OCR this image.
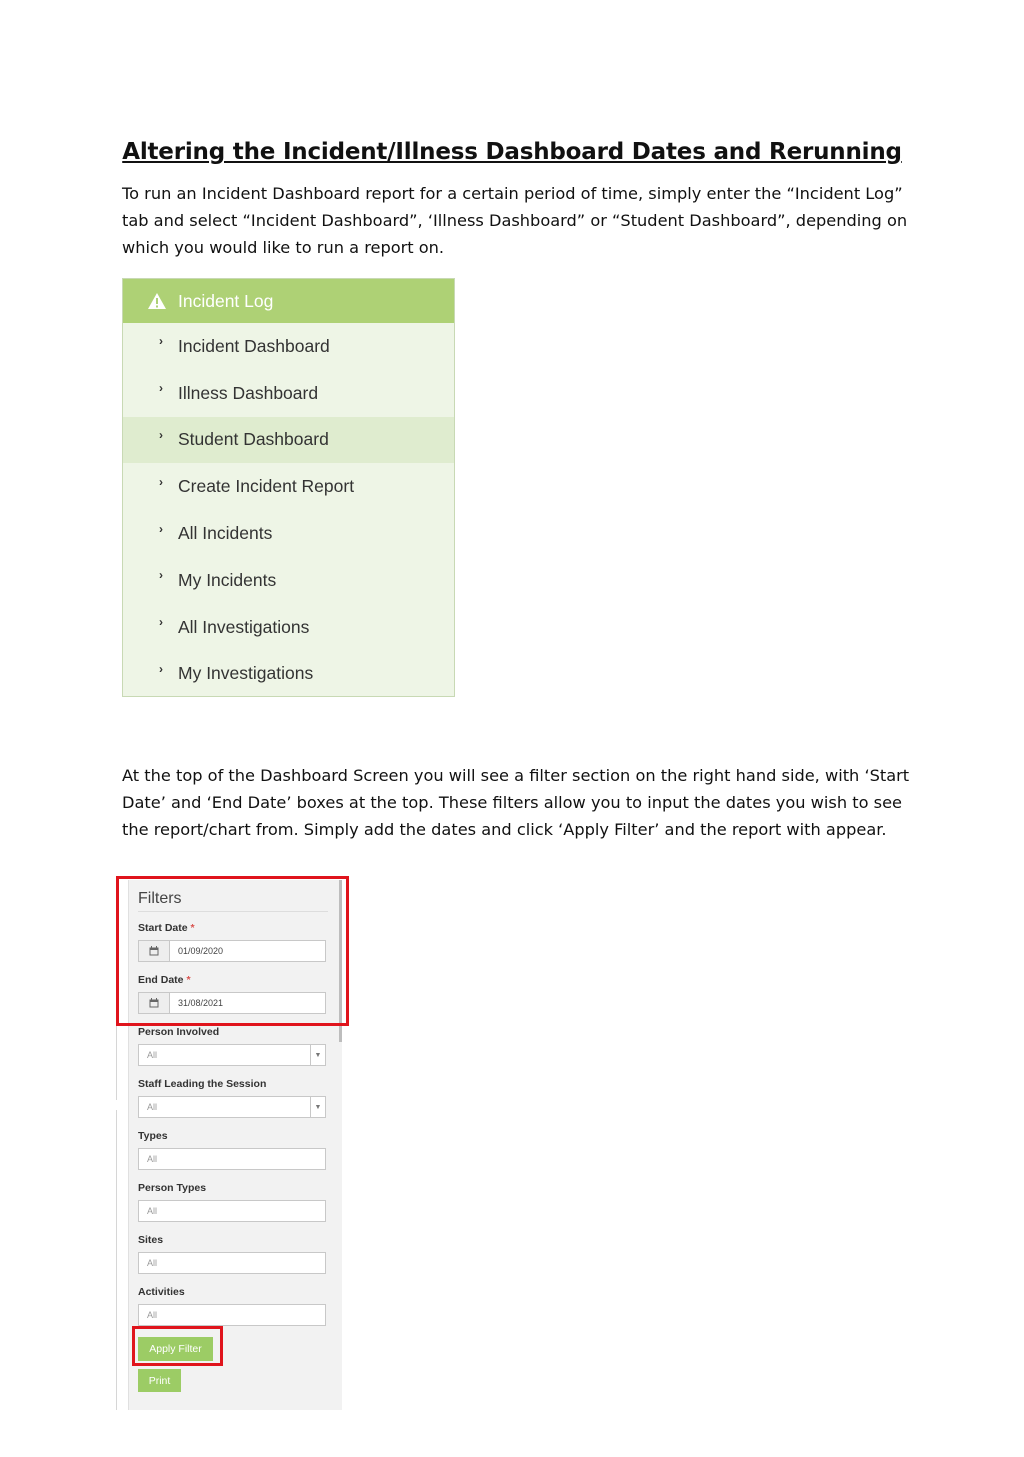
Altering the Incident/Illness Dashboard Dates and Rerunning

To run an Incident Dashboard report for a certain period of time, simply enter the “Incident Log” tab and select “Incident Dashboard”, ‘Illness Dashboard” or “Student Dashboard”, depending on which you would like to run a report on.

Incident Log
› Incident Dashboard
› Illness Dashboard
› Student Dashboard
› Create Incident Report
› All Incidents
› My Incidents
› All Investigations
› My Investigations

At the top of the Dashboard Screen you will see a filter section on the right hand side, with ‘Start Date’ and ‘End Date’ boxes at the top. These filters allow you to input the dates you wish to see the report/chart from. Simply add the dates and click ‘Apply Filter’ and the report with appear.

Filters
Start Date *
01/09/2020
End Date *
31/08/2021
Person Involved
All	▼
Staff Leading the Session
All	▼
Types
All
Person Types
All
Sites
All
Activities
All
Apply Filter
Print
